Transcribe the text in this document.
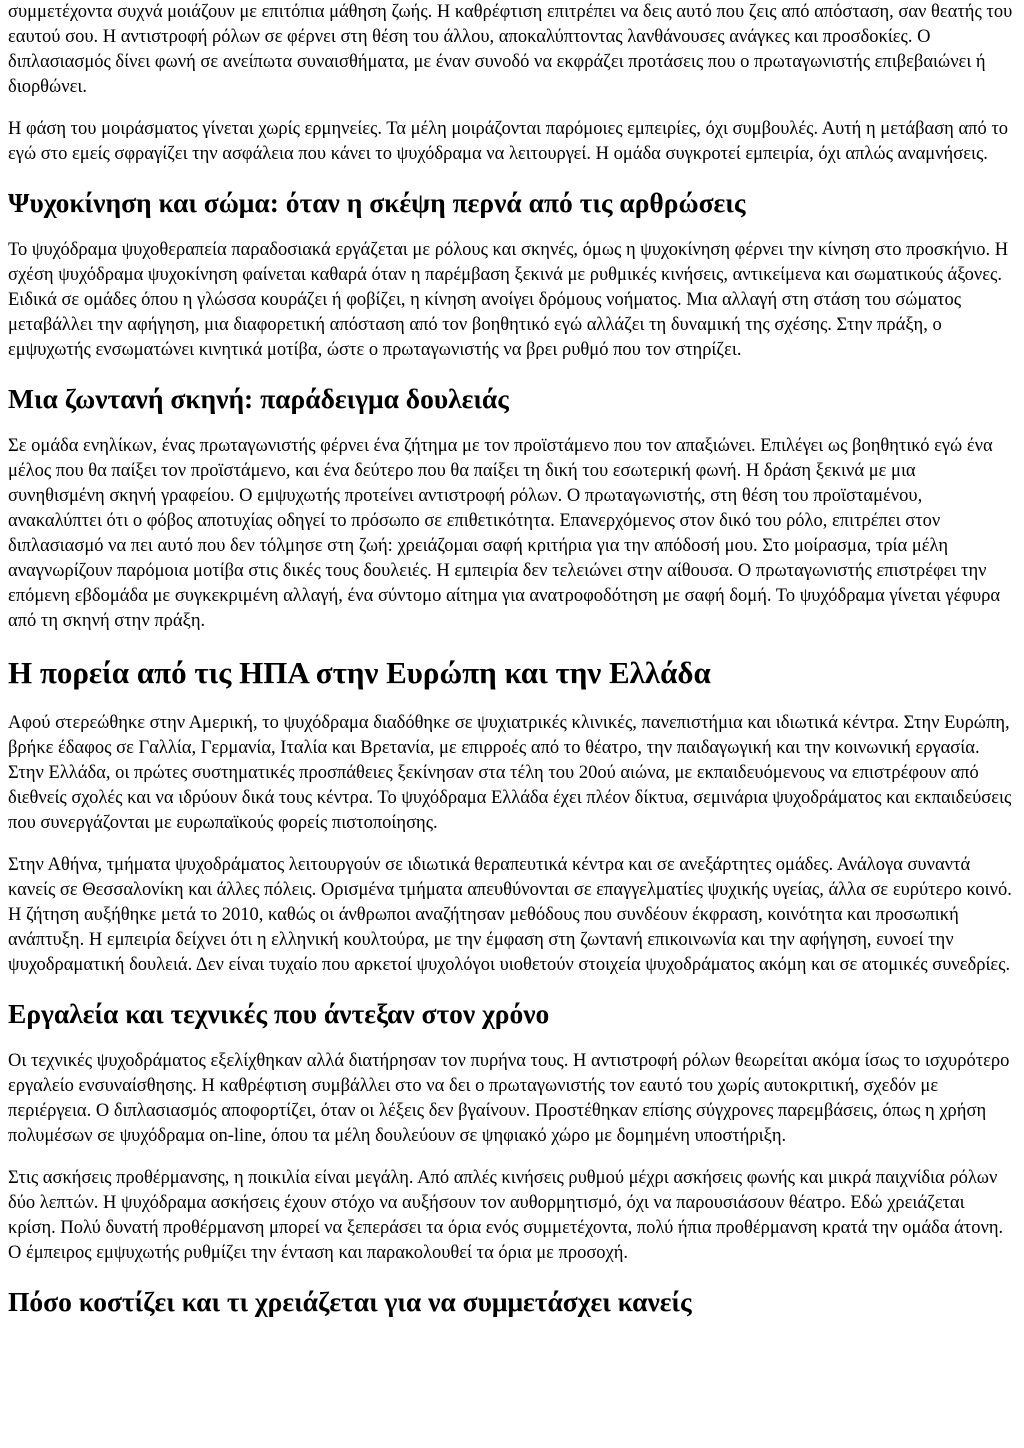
συμμετέχοντα συχνά μοιάζουν με επιτόπια μάθηση ζωής. Η καθρέφτιση επιτρέπει να δεις αυτό που ζεις από απόσταση, σαν θεατής του εαυτού σου. Η αντιστροφή ρόλων σε φέρνει στη θέση του άλλου, αποκαλύπτοντας λανθάνουσες ανάγκες και προσδοκίες. Ο διπλασιασμός δίνει φωνή σε ανείπωτα συναισθήματα, με έναν συνοδό να εκφράζει προτάσεις που ο πρωταγωνιστής επιβεβαιώνει ή διορθώνει.

Η φάση του μοιράσματος γίνεται χωρίς ερμηνείες. Τα μέλη μοιράζονται παρόμοιες εμπειρίες, όχι συμβουλές. Αυτή η μετάβαση από το εγώ στο εμείς σφραγίζει την ασφάλεια που κάνει το ψυχόδραμα να λειτουργεί. Η ομάδα συγκροτεί εμπειρία, όχι απλώς αναμνήσεις.

Ψυχοκίνηση και σώμα: όταν η σκέψη περνά από τις αρθρώσεις

Το ψυχόδραμα ψυχοθεραπεία παραδοσιακά εργάζεται με ρόλους και σκηνές, όμως η ψυχοκίνηση φέρνει την κίνηση στο προσκήνιο. Η σχέση ψυχόδραμα ψυχοκίνηση φαίνεται καθαρά όταν η παρέμβαση ξεκινά με ρυθμικές κινήσεις, αντικείμενα και σωματικούς άξονες. Ειδικά σε ομάδες όπου η γλώσσα κουράζει ή φοβίζει, η κίνηση ανοίγει δρόμους νοήματος. Μια αλλαγή στη στάση του σώματος μεταβάλλει την αφήγηση, μια διαφορετική απόσταση από τον βοηθητικό εγώ αλλάζει τη δυναμική της σχέσης. Στην πράξη, ο εμψυχωτής ενσωματώνει κινητικά μοτίβα, ώστε ο πρωταγωνιστής να βρει ρυθμό που τον στηρίζει.

Μια ζωντανή σκηνή: παράδειγμα δουλειάς

Σε ομάδα ενηλίκων, ένας πρωταγωνιστής φέρνει ένα ζήτημα με τον προϊστάμενο που τον απαξιώνει. Επιλέγει ως βοηθητικό εγώ ένα μέλος που θα παίξει τον προϊστάμενο, και ένα δεύτερο που θα παίξει τη δική του εσωτερική φωνή. Η δράση ξεκινά με μια συνηθισμένη σκηνή γραφείου. Ο εμψυχωτής προτείνει αντιστροφή ρόλων. Ο πρωταγωνιστής, στη θέση του προϊσταμένου, ανακαλύπτει ότι ο φόβος αποτυχίας οδηγεί το πρόσωπο σε επιθετικότητα. Επανερχόμενος στον δικό του ρόλο, επιτρέπει στον διπλασιασμό να πει αυτό που δεν τόλμησε στη ζωή: χρειάζομαι σαφή κριτήρια για την απόδοσή μου. Στο μοίρασμα, τρία μέλη αναγνωρίζουν παρόμοια μοτίβα στις δικές τους δουλειές. Η εμπειρία δεν τελειώνει στην αίθουσα. Ο πρωταγωνιστής επιστρέφει την επόμενη εβδομάδα με συγκεκριμένη αλλαγή, ένα σύντομο αίτημα για ανατροφοδότηση με σαφή δομή. Το ψυχόδραμα γίνεται γέφυρα από τη σκηνή στην πράξη.

Η πορεία από τις ΗΠΑ στην Ευρώπη και την Ελλάδα

Αφού στερεώθηκε στην Αμερική, το ψυχόδραμα διαδόθηκε σε ψυχιατρικές κλινικές, πανεπιστήμια και ιδιωτικά κέντρα. Στην Ευρώπη, βρήκε έδαφος σε Γαλλία, Γερμανία, Ιταλία και Βρετανία, με επιρροές από το θέατρο, την παιδαγωγική και την κοινωνική εργασία. Στην Ελλάδα, οι πρώτες συστηματικές προσπάθειες ξεκίνησαν στα τέλη του 20ού αιώνα, με εκπαιδευόμενους να επιστρέφουν από διεθνείς σχολές και να ιδρύουν δικά τους κέντρα. Το ψυχόδραμα Ελλάδα έχει πλέον δίκτυα, σεμινάρια ψυχοδράματος και εκπαιδεύσεις που συνεργάζονται με ευρωπαϊκούς φορείς πιστοποίησης.

Στην Αθήνα, τμήματα ψυχοδράματος λειτουργούν σε ιδιωτικά θεραπευτικά κέντρα και σε ανεξάρτητες ομάδες. Ανάλογα συναντά κανείς σε Θεσσαλονίκη και άλλες πόλεις. Ορισμένα τμήματα απευθύνονται σε επαγγελματίες ψυχικής υγείας, άλλα σε ευρύτερο κοινό. Η ζήτηση αυξήθηκε μετά το 2010, καθώς οι άνθρωποι αναζήτησαν μεθόδους που συνδέουν έκφραση, κοινότητα και προσωπική ανάπτυξη. Η εμπειρία δείχνει ότι η ελληνική κουλτούρα, με την έμφαση στη ζωντανή επικοινωνία και την αφήγηση, ευνοεί την ψυχοδραματική δουλειά. Δεν είναι τυχαίο που αρκετοί ψυχολόγοι υιοθετούν στοιχεία ψυχοδράματος ακόμη και σε ατομικές συνεδρίες.

Εργαλεία και τεχνικές που άντεξαν στον χρόνο

Οι τεχνικές ψυχοδράματος εξελίχθηκαν αλλά διατήρησαν τον πυρήνα τους. Η αντιστροφή ρόλων θεωρείται ακόμα ίσως το ισχυρότερο εργαλείο ενσυναίσθησης. Η καθρέφτιση συμβάλλει στο να δει ο πρωταγωνιστής τον εαυτό του χωρίς αυτοκριτική, σχεδόν με περιέργεια. Ο διπλασιασμός αποφορτίζει, όταν οι λέξεις δεν βγαίνουν. Προστέθηκαν επίσης σύγχρονες παρεμβάσεις, όπως η χρήση πολυμέσων σε ψυχόδραμα on-line, όπου τα μέλη δουλεύουν σε ψηφιακό χώρο με δομημένη υποστήριξη.

Στις ασκήσεις προθέρμανσης, η ποικιλία είναι μεγάλη. Από απλές κινήσεις ρυθμού μέχρι ασκήσεις φωνής και μικρά παιχνίδια ρόλων δύο λεπτών. Η ψυχόδραμα ασκήσεις έχουν στόχο να αυξήσουν τον αυθορμητισμό, όχι να παρουσιάσουν θέατρο. Εδώ χρειάζεται κρίση. Πολύ δυνατή προθέρμανση μπορεί να ξεπεράσει τα όρια ενός συμμετέχοντα, πολύ ήπια προθέρμανση κρατά την ομάδα άτονη. Ο έμπειρος εμψυχωτής ρυθμίζει την ένταση και παρακολουθεί τα όρια με προσοχή.

Πόσο κοστίζει και τι χρειάζεται για να συμμετάσχει κανείς
